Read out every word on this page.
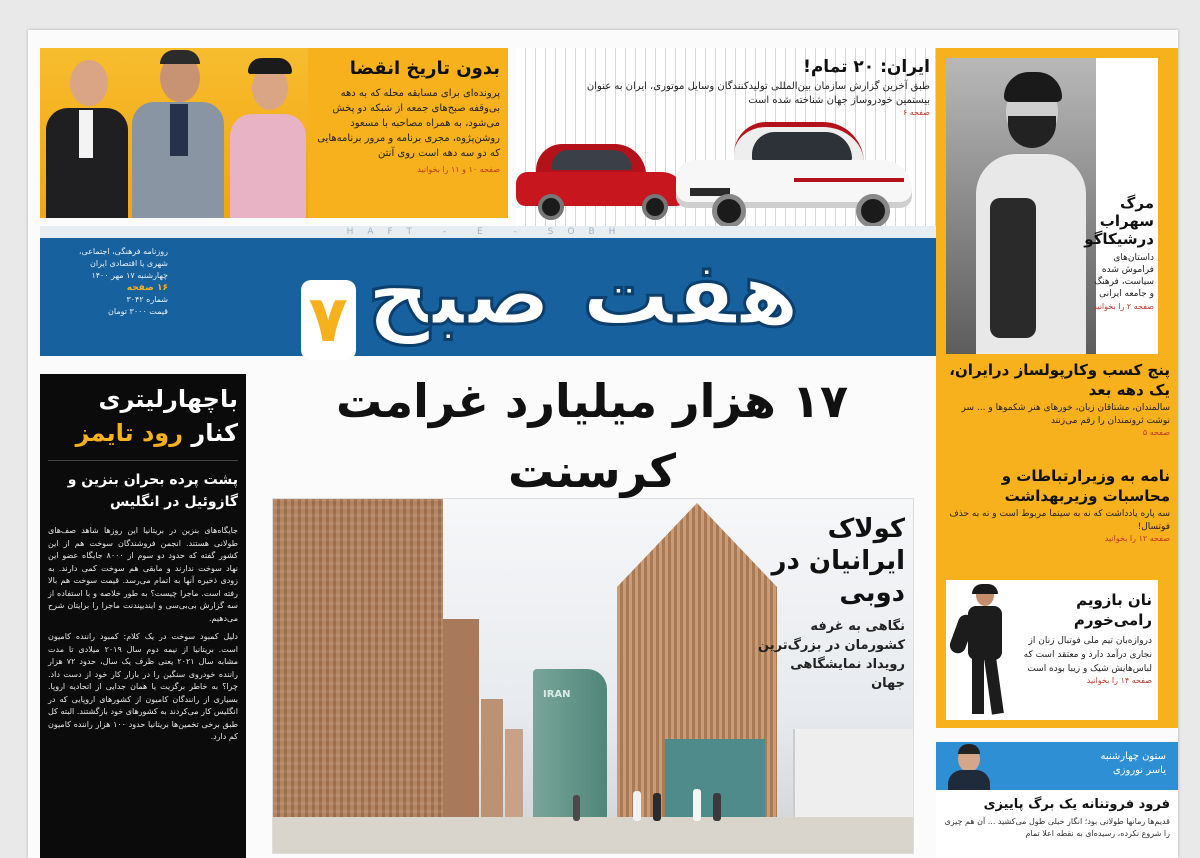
بدون تاریخ انقضا
پرونده‌ای برای مسابقه محله که به دهه بی‌وقفه صبح‌های جمعه از شبکه دو پخش می‌شود، به همراه مصاحبه با مسعود روشن‌پژوه، مجری برنامه و مرور برنامه‌هایی که دو سه دهه است روی آنتن
صفحه ۱۰ و ۱۱ را بخوانید
ایران: ۲۰ تمام!
طبق آخرین گزارش سازمان بین‌المللی تولیدکنندگان وسایل موتوری، ایران به عنوان بیستمین خودروساز جهان شناخته شده است
صفحه ۶
HAFT - E - SOBH
هفت صبح ۷
روزنامه فرهنگی، اجتماعی،
شهری یا اقتصادی ایران
چهارشنبه ۱۷ مهر ۱۴۰۰
۱۶ صفحه
شماره ۳۰۴۲
قیمت ۳۰۰۰ تومان
مرگ سهراب درشیکاگو
داستان‌های فراموش شده سیاست، فرهنگ و جامعه ایرانی
صفحه ۲ را بخوانید
پنج کسب وکارپولساز درایران، یک دهه بعد
سالمندان، مشتاقان زبان، خورهای هنر شکموها و ... سر نوشت ثروتمندان را رقم می‌زنند
صفحه ۵
نامه به وزیرارتباطات و محاسبات وزیربهداشت
سه پاره یادداشت که نه به سینما مربوط است و نه به حذف فوتسال!
صفحه ۱۲ را بخوانید
نان بازویم رامی‌خورم
دروازه‌بان تیم ملی فوتبال زنان از نجاری درآمد دارد و معتقد است که لباس‌هایش شیک و زیبا بوده است
صفحه ۱۴ را بخوانید
ستون چهارشنبه
یاسر نوروزی
فرود فروتنانه یک برگ پاییزی
قدیم‌ها رمانها طولانی بود؛ انگار خیلی طول می‌کشید ... آن هم چیزی را شروع نکرده، رسیده‌ای به نقطه اعلا تمام
باچهارلیتری
کنار رود تایمز
پشت پرده بحران بنزین و گازوئیل در انگلیس
جایگاه‌های بنزین در بریتانیا این روزها شاهد صف‌های طولانی هستند. انجمن فروشندگان سوخت هم از این کشور گفته که حدود دو سوم از ۸۰۰۰ جایگاه عضو این نهاد سوخت ندارند و مابقی هم سوخت کمی دارند. به زودی ذخیره آنها به اتمام می‌رسد. قیمت سوخت هم بالا رفته است. ماجرا چیست؟ به طور خلاصه و با استفاده از سه گزارش بی‌بی‌سی و ایندیپندنت ماجرا را برایتان شرح می‌دهیم.
دلیل کمبود سوخت در یک کلام: کمبود راننده کامیون است. بریتانیا از نیمه دوم سال ۲۰۱۹ میلادی تا مدت مشابه سال ۲۰۲۱ یعنی ظرف یک سال، حدود ۷۲ هزار راننده خودروی سنگین را در بازار کار خود از دست داد. چرا؟ به خاطر برگزیت یا همان جدایی از اتحادیه اروپا. بسیاری از رانندگان کامیون از کشورهای اروپایی که در انگلیس کار می‌کردند به کشورهای خود بازگشتند. البته کل طبق برخی تخمین‌ها بریتانیا حدود ۱۰۰ هزار راننده کامیون کم دارد.
۱۷ هزار میلیارد غرامت کرسنت
IRAN
کولاک ایرانیان در دوبی
نگاهی به غرفه کشورمان در بزرگ‌ترین رویداد نمایشگاهی جهان
